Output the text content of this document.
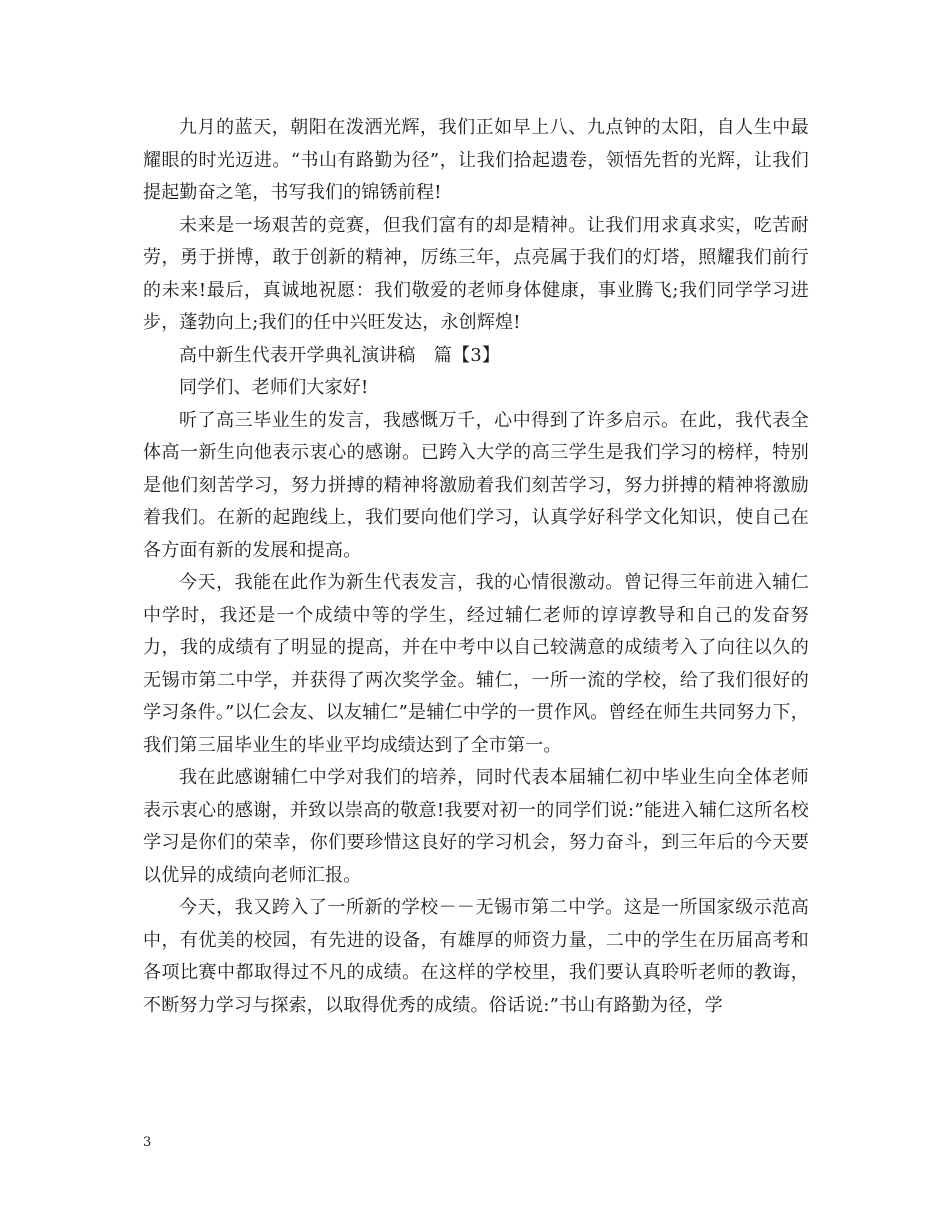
九月的蓝天，朝阳在泼洒光辉，我们正如早上八、九点钟的太阳，自人生中最耀眼的时光迈进。“书山有路勤为径”，让我们拾起遗卷，领悟先哲的光辉，让我们提起勤奋之笔，书写我们的锦锈前程!

未来是一场艰苦的竞赛，但我们富有的却是精神。让我们用求真求实，吃苦耐劳，勇于拼博，敢于创新的精神，厉练三年，点亮属于我们的灯塔，照耀我们前行的未来!最后，真诚地祝愿：我们敬爱的老师身体健康，事业腾飞;我们同学学习进步，蓬勃向上;我们的任中兴旺发达，永创辉煌!

高中新生代表开学典礼演讲稿　篇【3】

同学们、老师们大家好!

听了高三毕业生的发言，我感慨万千，心中得到了许多启示。在此，我代表全体高一新生向他表示衷心的感谢。已跨入大学的高三学生是我们学习的榜样，特别是他们刻苦学习，努力拼搏的精神将激励着我们刻苦学习，努力拼搏的精神将激励着我们。在新的起跑线上，我们要向他们学习，认真学好科学文化知识，使自己在各方面有新的发展和提高。

今天，我能在此作为新生代表发言，我的心情很激动。曾记得三年前进入辅仁中学时，我还是一个成绩中等的学生，经过辅仁老师的谆谆教导和自己的发奋努力，我的成绩有了明显的提高，并在中考中以自己较满意的成绩考入了向往以久的无锡市第二中学，并获得了两次奖学金。辅仁，一所一流的学校，给了我们很好的学习条件。”以仁会友、以友辅仁”是辅仁中学的一贯作风。曾经在师生共同努力下，我们第三届毕业生的毕业平均成绩达到了全市第一。

我在此感谢辅仁中学对我们的培养，同时代表本届辅仁初中毕业生向全体老师表示衷心的感谢，并致以崇高的敬意!我要对初一的同学们说:”能进入辅仁这所名校学习是你们的荣幸，你们要珍惜这良好的学习机会，努力奋斗，到三年后的今天要以优异的成绩向老师汇报。

今天，我又跨入了一所新的学校－－无锡市第二中学。这是一所国家级示范高中，有优美的校园，有先进的设备，有雄厚的师资力量，二中的学生在历届高考和各项比赛中都取得过不凡的成绩。在这样的学校里，我们要认真聆听老师的教诲，不断努力学习与探索，以取得优秀的成绩。俗话说:”书山有路勤为径，学

3
